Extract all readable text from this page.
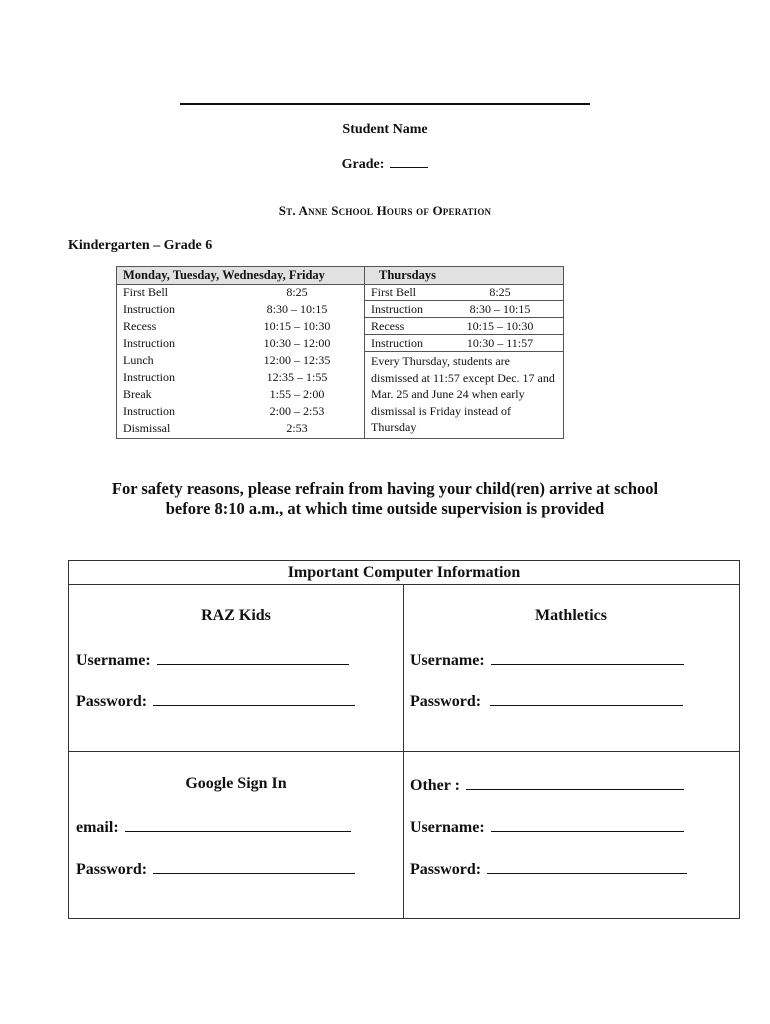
Student Name
Grade:
St. Anne School Hours of Operation
Kindergarten – Grade 6
Monday, Tuesday, Wednesday, Friday
First Bell	8:25
Instruction	8:30 – 10:15
Recess	10:15 – 10:30
Instruction	10:30 – 12:00
Lunch	12:00 – 12:35
Instruction	12:35 – 1:55
Break	1:55 – 2:00
Instruction	2:00 – 2:53
Dismissal	2:53
Thursdays
First Bell	8:25
Instruction	8:30 – 10:15
Recess	10:15 – 10:30
Instruction	10:30 – 11:57
Every Thursday, students are dismissed at 11:57 except Dec. 17 and Mar. 25 and June 24 when early dismissal is Friday instead of Thursday
For safety reasons, please refrain from having your child(ren) arrive at school
before 8:10 a.m., at which time outside supervision is provided
Important Computer Information
RAZ Kids
Username:
Password:
Mathletics
Username:
Password:
Google Sign In
email:
Password:
Other :
Username:
Password:
